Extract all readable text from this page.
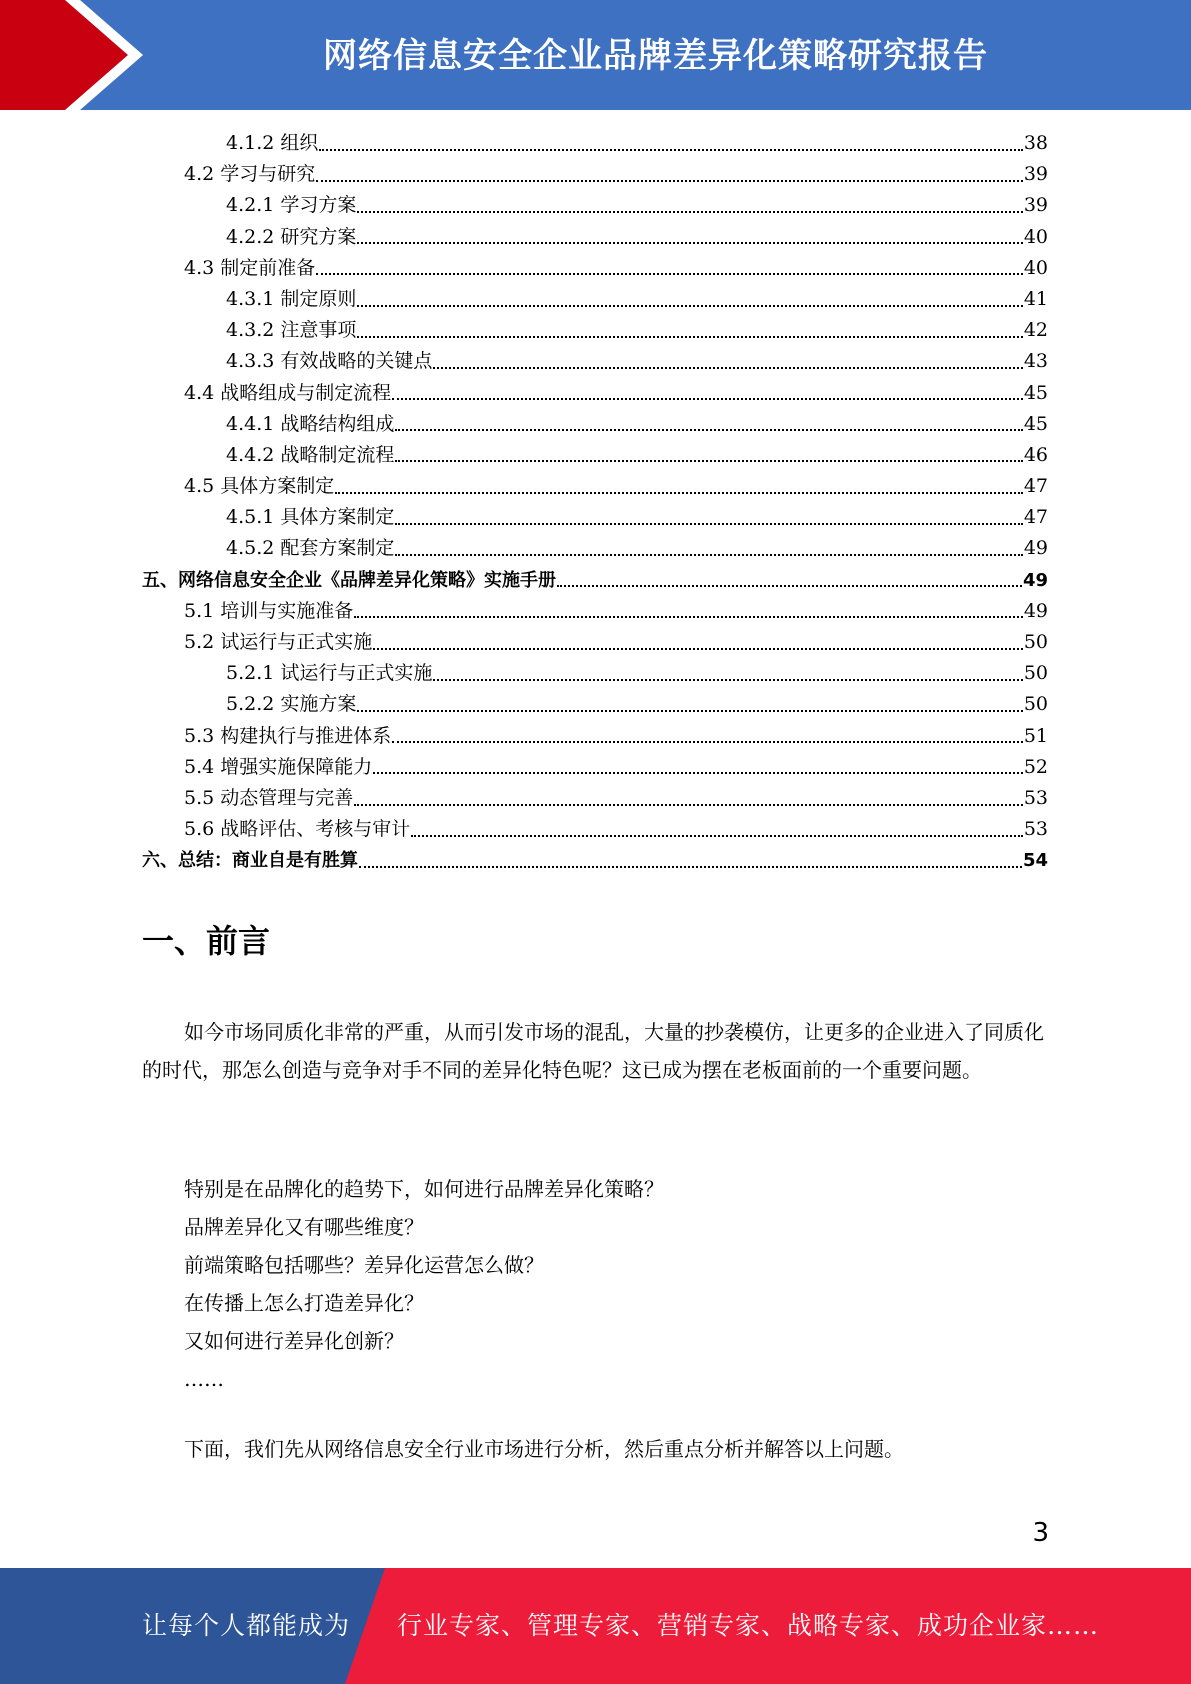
网络信息安全企业品牌差异化策略研究报告
4.1.2 组织	38
4.2 学习与研究	39
4.2.1 学习方案	39
4.2.2 研究方案	40
4.3 制定前准备	40
4.3.1 制定原则	41
4.3.2 注意事项	42
4.3.3 有效战略的关键点	43
4.4 战略组成与制定流程	45
4.4.1 战略结构组成	45
4.4.2 战略制定流程	46
4.5 具体方案制定	47
4.5.1 具体方案制定	47
4.5.2 配套方案制定	49
五、网络信息安全企业《品牌差异化策略》实施手册	49
5.1 培训与实施准备	49
5.2 试运行与正式实施	50
5.2.1 试运行与正式实施	50
5.2.2 实施方案	50
5.3 构建执行与推进体系	51
5.4 增强实施保障能力	52
5.5 动态管理与完善	53
5.6 战略评估、考核与审计	53
六、总结：商业自是有胜算	54
一、前言

如今市场同质化非常的严重，从而引发市场的混乱，大量的抄袭模仿，让更多的企业进入了同质化的时代，那怎么创造与竞争对手不同的差异化特色呢？这已成为摆在老板面前的一个重要问题。

特别是在品牌化的趋势下，如何进行品牌差异化策略？
品牌差异化又有哪些维度？
前端策略包括哪些？差异化运营怎么做？
在传播上怎么打造差异化？
又如何进行差异化创新？
……

下面，我们先从网络信息安全行业市场进行分析，然后重点分析并解答以上问题。

3
让每个人都能成为 行业专家、管理专家、营销专家、战略专家、成功企业家……
